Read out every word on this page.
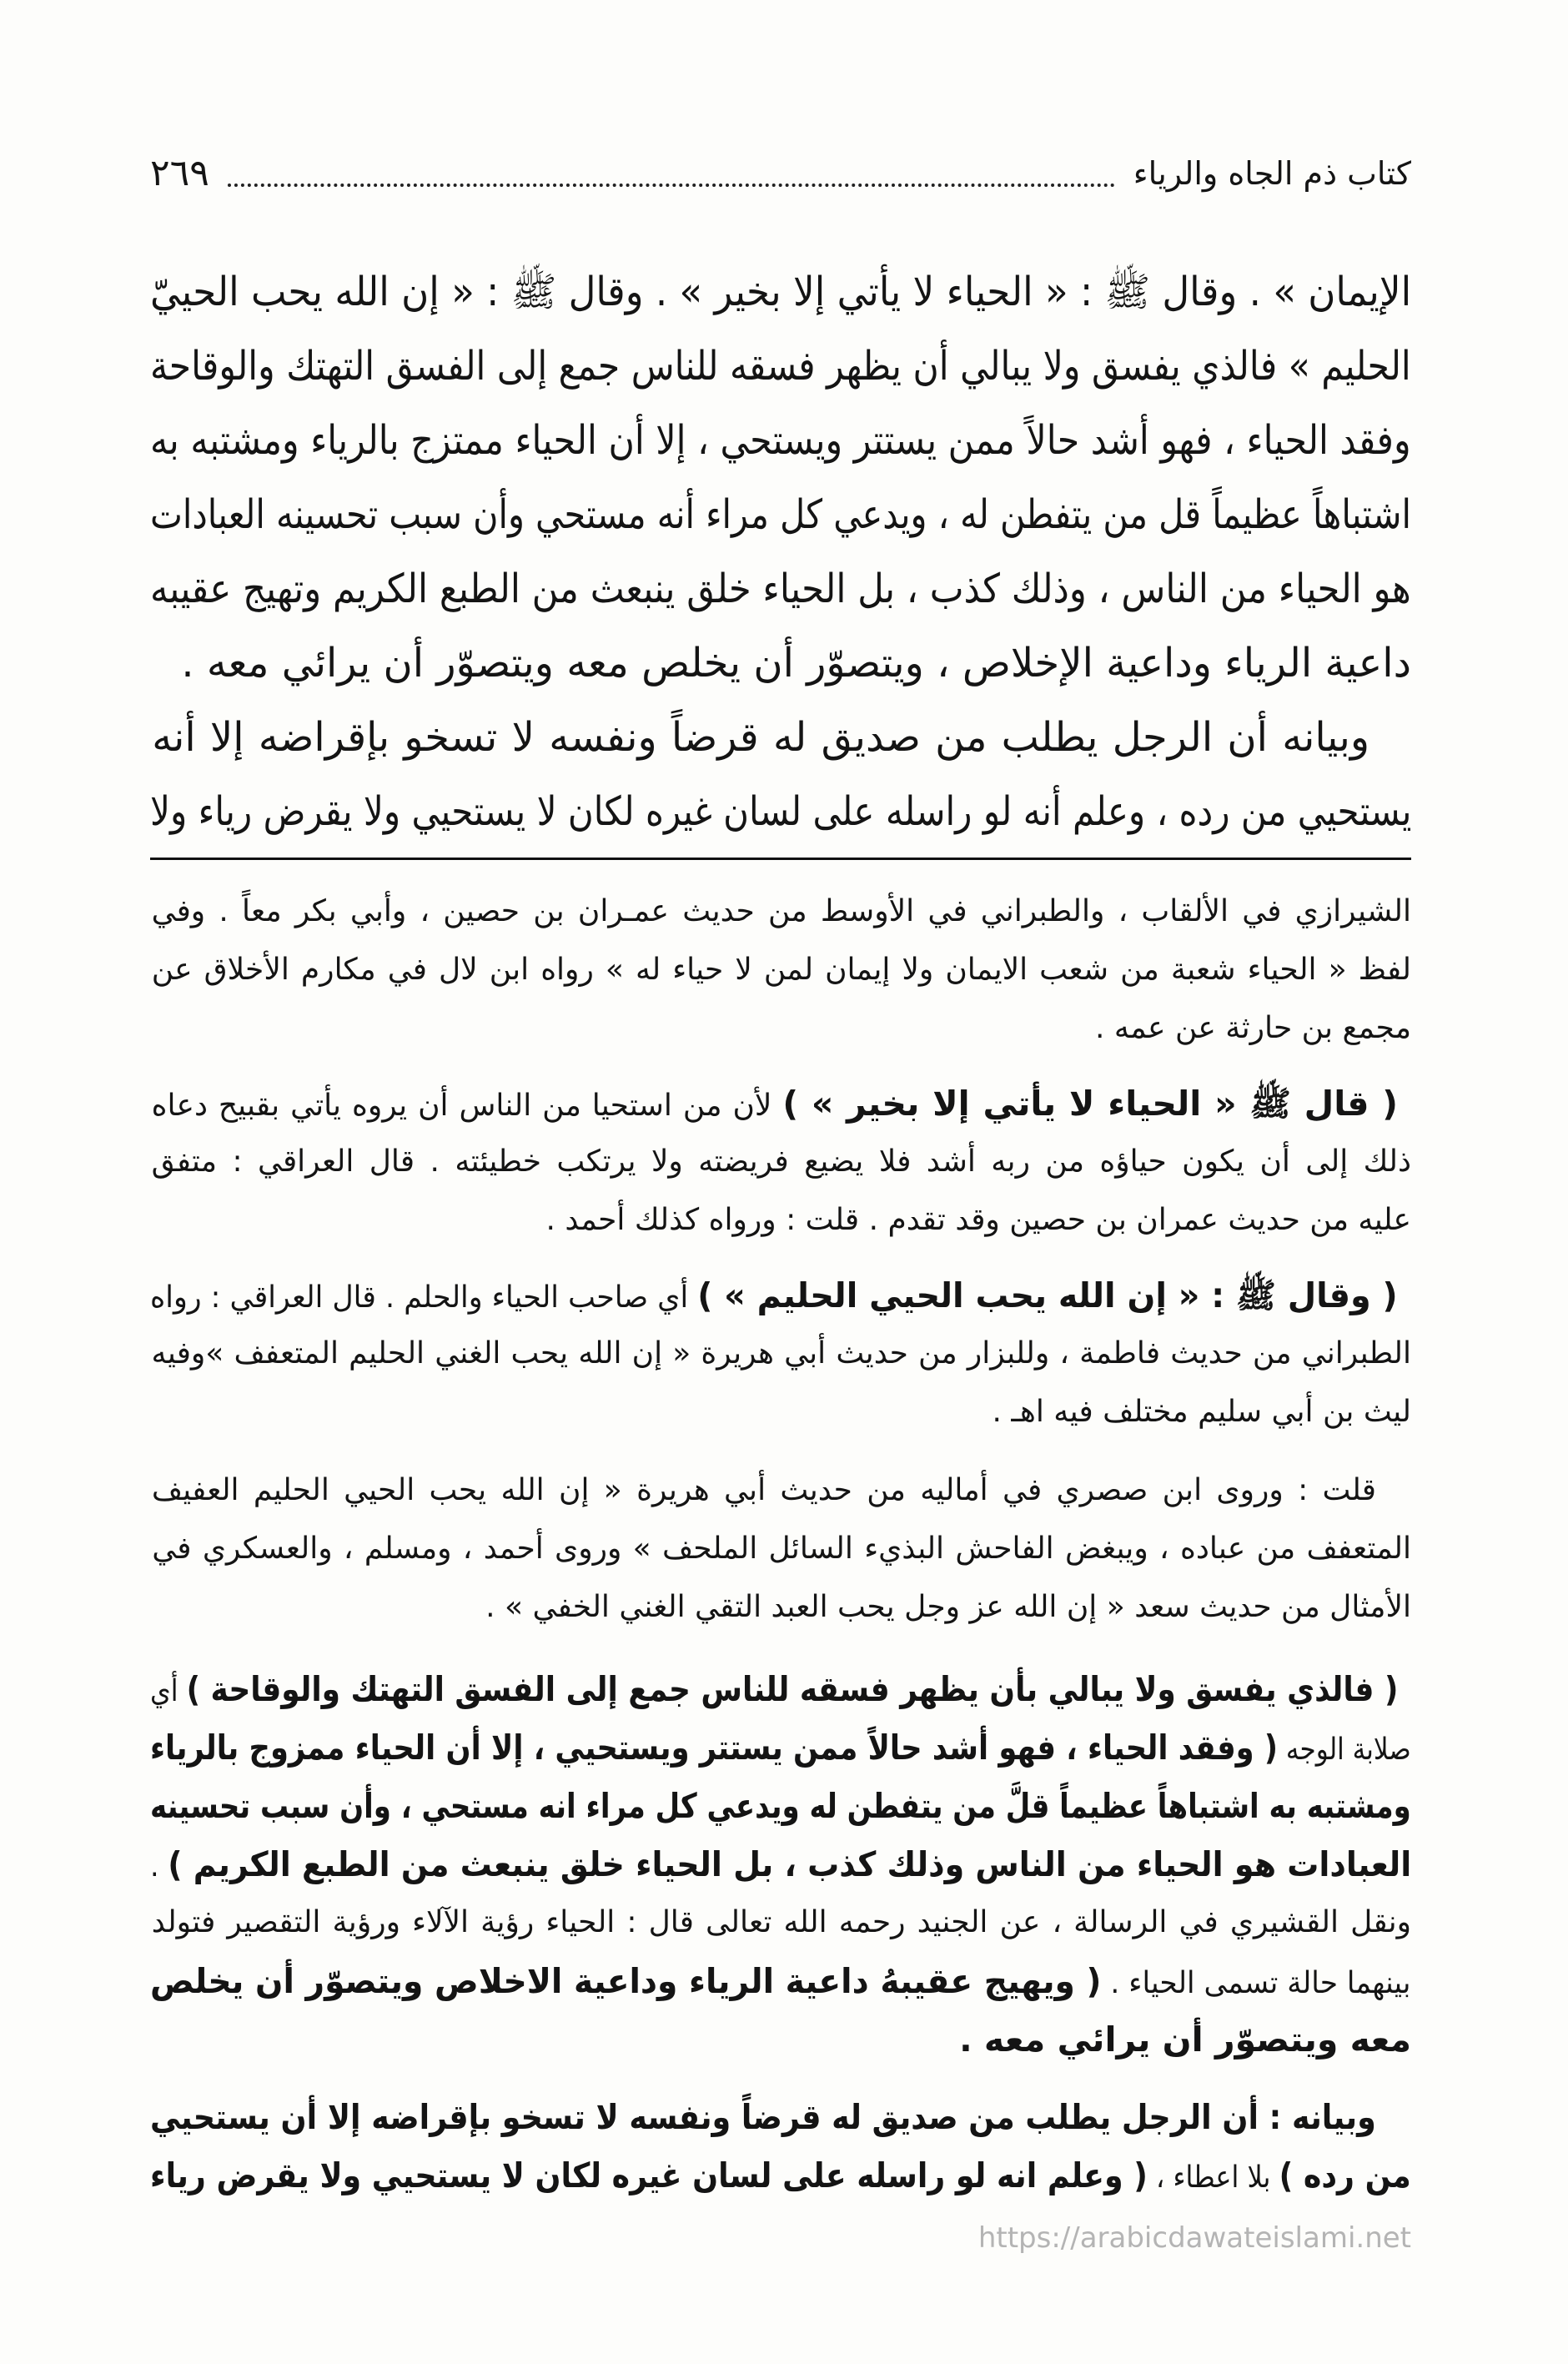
كتاب ذم الجاه والرياء
٢٦٩
الإيمان » . وقال ﷺ : « الحياء لا يأتي إلا بخير » . وقال ﷺ : « إن الله يحب الحييّ
الحليم » فالذي يفسق ولا يبالي أن يظهر فسقه للناس جمع إلى الفسق التهتك والوقاحة
وفقد الحياء ، فهو أشد حالاً ممن يستتر ويستحي ، إلا أن الحياء ممتزج بالرياء ومشتبه به
اشتباهاً عظيماً قل من يتفطن له ، ويدعي كل مراء أنه مستحي وأن سبب تحسينه العبادات
هو الحياء من الناس ، وذلك كذب ، بل الحياء خلق ينبعث من الطبع الكريم وتهيج عقيبه
داعية الرياء وداعية الإخلاص ، ويتصوّر أن يخلص معه ويتصوّر أن يرائي معه .
وبيانه أن الرجل يطلب من صديق له قرضاً ونفسه لا تسخو بإقراضه إلا أنه
يستحيي من رده ، وعلم أنه لو راسله على لسان غيره لكان لا يستحيي ولا يقرض رياء ولا
الشيرازي في الألقاب ، والطبراني في الأوسط من حديث عمـران بن حصين ، وأبي بكر معاً . وفي
لفظ « الحياء شعبة من شعب الايمان ولا إيمان لمن لا حياء له » رواه ابن لال في مكارم الأخلاق عن
مجمع بن حارثة عن عمه .
( قال ﷺ « الحياء لا يأتي إلا بخير » ) لأن من استحيا من الناس أن يروه يأتي بقبيح دعاه
ذلك إلى أن يكون حياؤه من ربه أشد فلا يضيع فريضته ولا يرتكب خطيئته . قال العراقي : متفق
عليه من حديث عمران بن حصين وقد تقدم . قلت : ورواه كذلك أحمد .
( وقال ﷺ : « إن الله يحب الحيي الحليم » ) أي صاحب الحياء والحلم . قال العراقي : رواه
الطبراني من حديث فاطمة ، وللبزار من حديث أبي هريرة « إن الله يحب الغني الحليم المتعفف »وفيه
ليث بن أبي سليم مختلف فيه اهـ .
قلت : وروى ابن صصري في أماليه من حديث أبي هريرة « إن الله يحب الحيي الحليم العفيف
المتعفف من عباده ، ويبغض الفاحش البذيء السائل الملحف » وروى أحمد ، ومسلم ، والعسكري في
الأمثال من حديث سعد « إن الله عز وجل يحب العبد التقي الغني الخفي » .
( فالذي يفسق ولا يبالي بأن يظهر فسقه للناس جمع إلى الفسق التهتك والوقاحة ) أي
صلابة الوجه ( وفقد الحياء ، فهو أشد حالاً ممن يستتر ويستحيي ، إلا أن الحياء ممزوج بالرياء
ومشتبه به اشتباهاً عظيماً قلَّ من يتفطن له ويدعي كل مراء انه مستحي ، وأن سبب تحسينه
العبادات هو الحياء من الناس وذلك كذب ، بل الحياء خلق ينبعث من الطبع الكريم ) .
ونقل القشيري في الرسالة ، عن الجنيد رحمه الله تعالى قال : الحياء رؤية الآلاء ورؤية التقصير فتولد
بينهما حالة تسمى الحياء . ( ويهيج عقيبهُ داعية الرياء وداعية الاخلاص ويتصوّر أن يخلص
معه ويتصوّر أن يرائي معه .
وبيانه : أن الرجل يطلب من صديق له قرضاً ونفسه لا تسخو بإقراضه إلا أن يستحيي
من رده ) بلا اعطاء ، ( وعلم انه لو راسله على لسان غيره لكان لا يستحيي ولا يقرض رياء
https://arabicdawateislami.net
